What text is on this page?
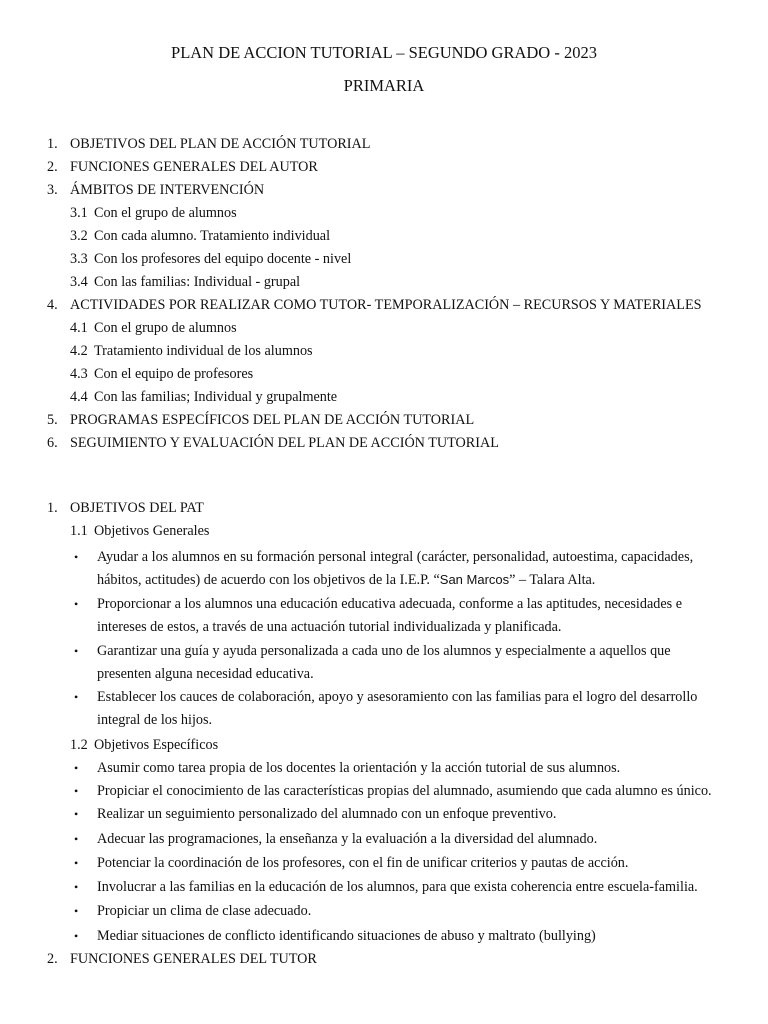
PLAN DE ACCION TUTORIAL – SEGUNDO GRADO - 2023
PRIMARIA
1. OBJETIVOS DEL PLAN DE ACCIÓN TUTORIAL
2. FUNCIONES GENERALES DEL AUTOR
3. ÁMBITOS DE INTERVENCIÓN
3.1 Con el grupo de alumnos
3.2 Con cada alumno. Tratamiento individual
3.3 Con los profesores del equipo docente - nivel
3.4 Con las familias: Individual - grupal
4. ACTIVIDADES POR REALIZAR COMO TUTOR- TEMPORALIZACIÓN – RECURSOS Y MATERIALES
4.1 Con el grupo de alumnos
4.2 Tratamiento individual de los alumnos
4.3 Con el equipo de profesores
4.4 Con las familias; Individual y grupalmente
5. PROGRAMAS ESPECÍFICOS DEL PLAN DE ACCIÓN TUTORIAL
6. SEGUIMIENTO Y EVALUACIÓN DEL PLAN DE ACCIÓN TUTORIAL
1. OBJETIVOS DEL PAT
1.1 Objetivos Generales
• Ayudar a los alumnos en su formación personal integral (carácter, personalidad, autoestima, capacidades,
hábitos, actitudes) de acuerdo con los objetivos de la I.E.P. “San Marcos” – Talara Alta.
• Proporcionar a los alumnos una educación educativa adecuada, conforme a las aptitudes, necesidades e
intereses de estos, a través de una actuación tutorial individualizada y planificada.
• Garantizar una guía y ayuda personalizada a cada uno de los alumnos y especialmente a aquellos que
presenten alguna necesidad educativa.
• Establecer los cauces de colaboración, apoyo y asesoramiento con las familias para el logro del desarrollo
integral de los hijos.
1.2 Objetivos Específicos
• Asumir como tarea propia de los docentes la orientación y la acción tutorial de sus alumnos.
• Propiciar el conocimiento de las características propias del alumnado, asumiendo que cada alumno es único.
• Realizar un seguimiento personalizado del alumnado con un enfoque preventivo.
• Adecuar las programaciones, la enseñanza y la evaluación a la diversidad del alumnado.
• Potenciar la coordinación de los profesores, con el fin de unificar criterios y pautas de acción.
• Involucrar a las familias en la educación de los alumnos, para que exista coherencia entre escuela-familia.
• Propiciar un clima de clase adecuado.
• Mediar situaciones de conflicto identificando situaciones de abuso y maltrato (bullying)
2. FUNCIONES GENERALES DEL TUTOR
